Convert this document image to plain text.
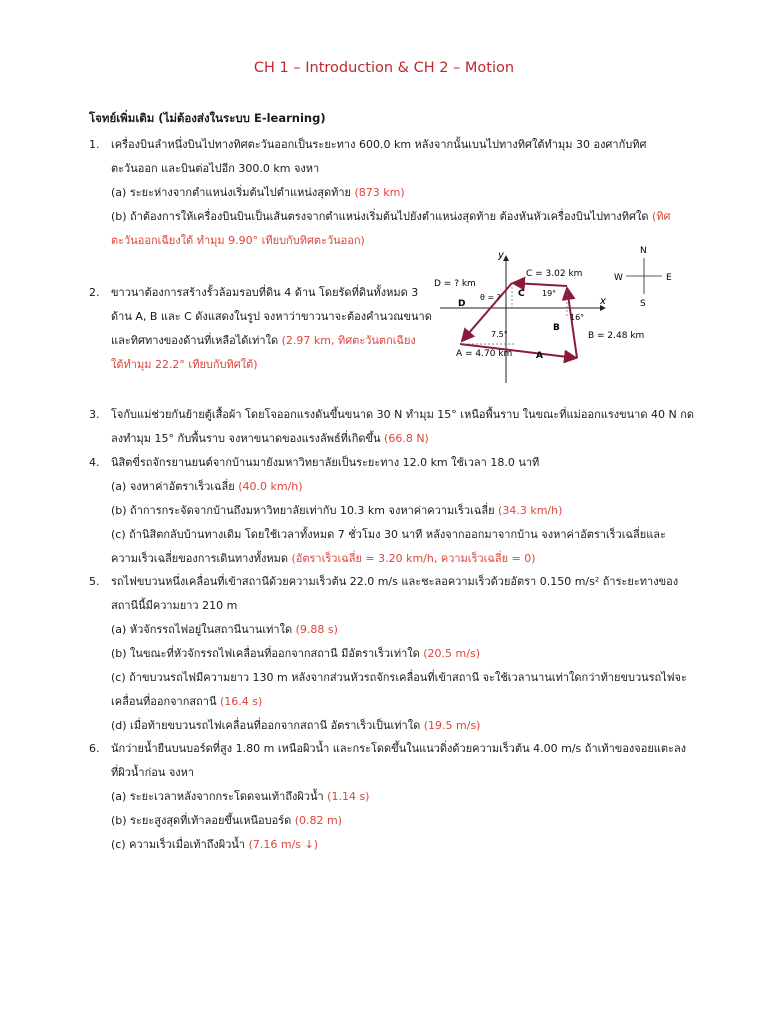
CH 1 – Introduction & CH 2 – Motion
โจทย์เพิ่มเติม (ไม่ต้องส่งในระบบ E-learning)
1.	เครื่องบินลำหนึ่งบินไปทางทิศตะวันออกเป็นระยะทาง 600.0 km หลังจากนั้นเบนไปทางทิศใต้ทำมุม 30 องศากับทิศ
ตะวันออก และบินต่อไปอีก 300.0 km จงหา
(a) ระยะห่างจากตำแหน่งเริ่มต้นไปตำแหน่งสุดท้าย (873 km)
(b) ถ้าต้องการให้เครื่องบินบินเป็นเส้นตรงจากตำแหน่งเริ่มต้นไปยังตำแหน่งสุดท้าย ต้องหันหัวเครื่องบินไปทางทิศใด (ทิศ
ตะวันออกเฉียงใต้ ทำมุม 9.90° เทียบกับทิศตะวันออก)
2.	ขาวนาต้องการสร้างรั้วล้อมรอบที่ดิน 4 ด้าน โดยรัดที่ดินทั้งหมด 3
ด้าน A, B และ C ดังแสดงในรูป จงหาว่าขาวนาจะต้องคำนวณขนาด
และทิศทางของด้านที่เหลือได้เท่าใด (2.97 km, ทิศตะวันตกเฉียง
ใต้ทำมุม 22.2° เทียบกับทิศใต้)
y
x
C = 3.02 km
C 19°
D = ? km
D
θ = ?
16°
B
B = 2.48 km
7.5°
A = 4.70 km	A
N
S
W	E
3.	โจกับแม่ช่วยกันย้ายตู้เสื้อผ้า โดยโจออกแรงดันขึ้นขนาด 30 N ทำมุม 15° เหนือพื้นราบ ในขณะที่แม่ออกแรงขนาด 40 N กด
ลงทำมุม 15° กับพื้นราบ จงหาขนาดของแรงลัพธ์ที่เกิดขึ้น (66.8 N)
4.	นิสิตขี่รถจักรยานยนต์จากบ้านมายังมหาวิทยาลัยเป็นระยะทาง 12.0 km ใช้เวลา 18.0 นาที
(a) จงหาค่าอัตราเร็วเฉลี่ย (40.0 km/h)
(b) ถ้าการกระจัดจากบ้านถึงมหาวิทยาลัยเท่ากับ 10.3 km จงหาค่าความเร็วเฉลี่ย (34.3 km/h)
(c) ถ้านิสิตกลับบ้านทางเดิม โดยใช้เวลาทั้งหมด 7 ชั่วโมง 30 นาที หลังจากออกมาจากบ้าน จงหาค่าอัตราเร็วเฉลี่ยและ
ความเร็วเฉลี่ยของการเดินทางทั้งหมด (อัตราเร็วเฉลี่ย = 3.20 km/h, ความเร็วเฉลี่ย = 0)
5.	รถไฟขบวนหนึ่งเคลื่อนที่เข้าสถานีด้วยความเร็วต้น 22.0 m/s และชะลอความเร็วด้วยอัตรา 0.150 m/s² ถ้าระยะทางของ
สถานีนี้มีความยาว 210 m
(a) หัวจักรรถไฟอยู่ในสถานีนานเท่าใด (9.88 s)
(b) ในขณะที่หัวจักรรถไฟเคลื่อนที่ออกจากสถานี มีอัตราเร็วเท่าใด (20.5 m/s)
(c) ถ้าขบวนรถไฟมีความยาว 130 m หลังจากส่วนหัวรถจักรเคลื่อนที่เข้าสถานี จะใช้เวลานานเท่าใดกว่าท้ายขบวนรถไฟจะ
เคลื่อนที่ออกจากสถานี (16.4 s)
(d) เมื่อท้ายขบวนรถไฟเคลื่อนที่ออกจากสถานี อัตราเร็วเป็นเท่าใด (19.5 m/s)
6.	นักว่ายน้ำยืนบนบอร์ดที่สูง 1.80 m เหนือผิวน้ำ และกระโดดขึ้นในแนวดิ่งด้วยความเร็วต้น 4.00 m/s ถ้าเท้าของจอยแตะลง
ที่ผิวน้ำก่อน จงหา
(a) ระยะเวลาหลังจากกระโดดจนเท้าถึงผิวน้ำ (1.14 s)
(b) ระยะสูงสุดที่เท้าลอยขึ้นเหนือบอร์ด (0.82 m)
(c) ความเร็วเมื่อเท้าถึงผิวน้ำ (7.16 m/s ↓)
